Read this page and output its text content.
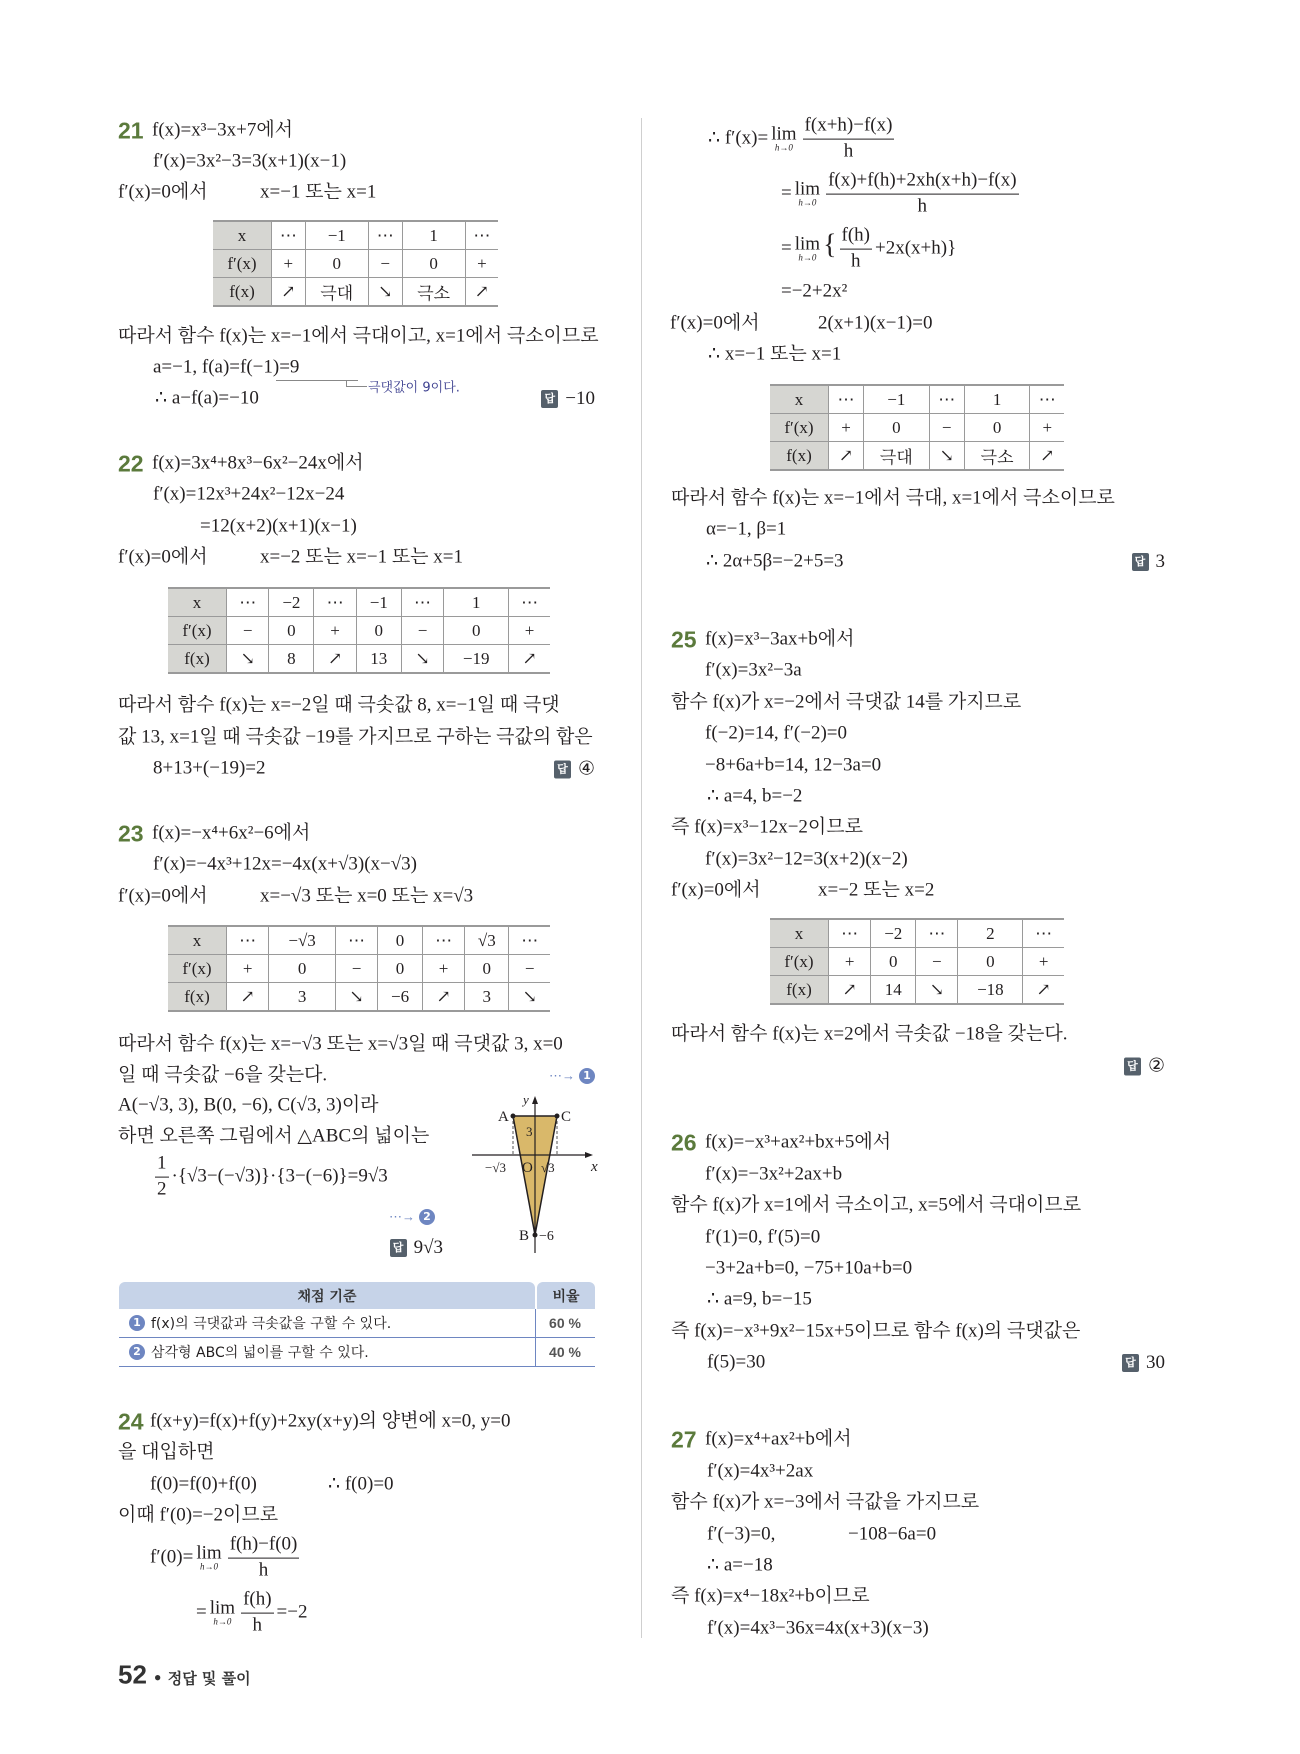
21 f(x)=x³−3x+7에서
f′(x)=3x²−3=3(x+1)(x−1)
f′(x)=0에서	x=−1 또는 x=1
x	⋯	−1	⋯	1	⋯
f′(x)	+	0	−	0	+
f(x)	↗	극대	↘	극소	↗
따라서 함수 f(x)는 x=−1에서 극대이고, x=1에서 극소이므로
a=−1, f(a)=f(−1)=9
극댓값이 9이다.
∴ a−f(a)=−10	답 −10
22 f(x)=3x⁴+8x³−6x²−24x에서
f′(x)=12x³+24x²−12x−24
=12(x+2)(x+1)(x−1)
f′(x)=0에서	x=−2 또는 x=−1 또는 x=1
x	⋯	−2	⋯	−1	⋯	1	⋯
f′(x)	−	0	+	0	−	0	+
f(x)	↘	8	↗	13	↘	−19	↗
따라서 함수 f(x)는 x=−2일 때 극솟값 8, x=−1일 때 극댓
값 13, x=1일 때 극솟값 −19를 가지므로 구하는 극값의 합은
8+13+(−19)=2	답 ④
23 f(x)=−x⁴+6x²−6에서
f′(x)=−4x³+12x=−4x(x+√3)(x−√3)
f′(x)=0에서	x=−√3 또는 x=0 또는 x=√3
x	⋯	−√3	⋯	0	⋯	√3	⋯
f′(x)	+	0	−	0	+	0	−
f(x)	↗	3	↘	−6	↗	3	↘
따라서 함수 f(x)는 x=−√3 또는 x=√3일 때 극댓값 3, x=0
일 때 극솟값 −6을 갖는다.	⋯→ 1
A(−√3, 3), B(0, −6), C(√3, 3)이라
하면 오른쪽 그림에서 △ABC의 넓이는
$\frac{1}{2} \cdot\{√3-(-√3)\}\cdot\{3-(-6)\}=9√3$
⋯→ 2
답 9√3
y
x
A	C
3
O
−√3	√3
B −6
채점 기준	비율
1 f(x)의 극댓값과 극솟값을 구할 수 있다.	60 %
2 삼각형 ABC의 넓이를 구할 수 있다.	40 %
24 f(x+y)=f(x)+f(y)+2xy(x+y)의 양변에 x=0, y=0
을 대입하면
f(0)=f(0)+f(0)	∴ f(0)=0
이때 f′(0)=−2이므로
f′(0)= lim
$h\to 0 \frac{f(h)-f(0)}{h}$
= lim
$h\to 0 \frac{f(h)}{h} =-2$
52 • 정답 및 풀이
∴ f′(x)= lim
$h\to 0 \frac{f(x+h)-f(x)}{h}$
= lim
$h\to 0 \frac{f(x)+f(h)+2xh(x+h)-f(x)}{h}$
= lim
h→0 { $\frac{f(h)}{h} +2x(x+h)$}
=−2+2x²
f′(x)=0에서	2(x+1)(x−1)=0
∴ x=−1 또는 x=1
x	⋯	−1	⋯	1	⋯
f′(x)	+	0	−	0	+
f(x)	↗	극대	↘	극소	↗
따라서 함수 f(x)는 x=−1에서 극대, x=1에서 극소이므로
α=−1, β=1
∴ 2α+5β=−2+5=3	답 3
25 f(x)=x³−3ax+b에서
f′(x)=3x²−3a
함수 f(x)가 x=−2에서 극댓값 14를 가지므로
f(−2)=14, f′(−2)=0
−8+6a+b=14, 12−3a=0
∴ a=4, b=−2
즉 f(x)=x³−12x−2이므로
f′(x)=3x²−12=3(x+2)(x−2)
f′(x)=0에서	x=−2 또는 x=2
x	⋯	−2	⋯	2	⋯
f′(x)	+	0	−	0	+
f(x)	↗	14	↘	−18	↗
따라서 함수 f(x)는 x=2에서 극솟값 −18을 갖는다.
답 ②
26 f(x)=−x³+ax²+bx+5에서
f′(x)=−3x²+2ax+b
함수 f(x)가 x=1에서 극소이고, x=5에서 극대이므로
f′(1)=0, f′(5)=0
−3+2a+b=0, −75+10a+b=0
∴ a=9, b=−15
즉 f(x)=−x³+9x²−15x+5이므로 함수 f(x)의 극댓값은
f(5)=30	답 30
27 f(x)=x⁴+ax²+b에서
f′(x)=4x³+2ax
함수 f(x)가 x=−3에서 극값을 가지므로
f′(−3)=0,	−108−6a=0
∴ a=−18
즉 f(x)=x⁴−18x²+b이므로
f′(x)=4x³−36x=4x(x+3)(x−3)
